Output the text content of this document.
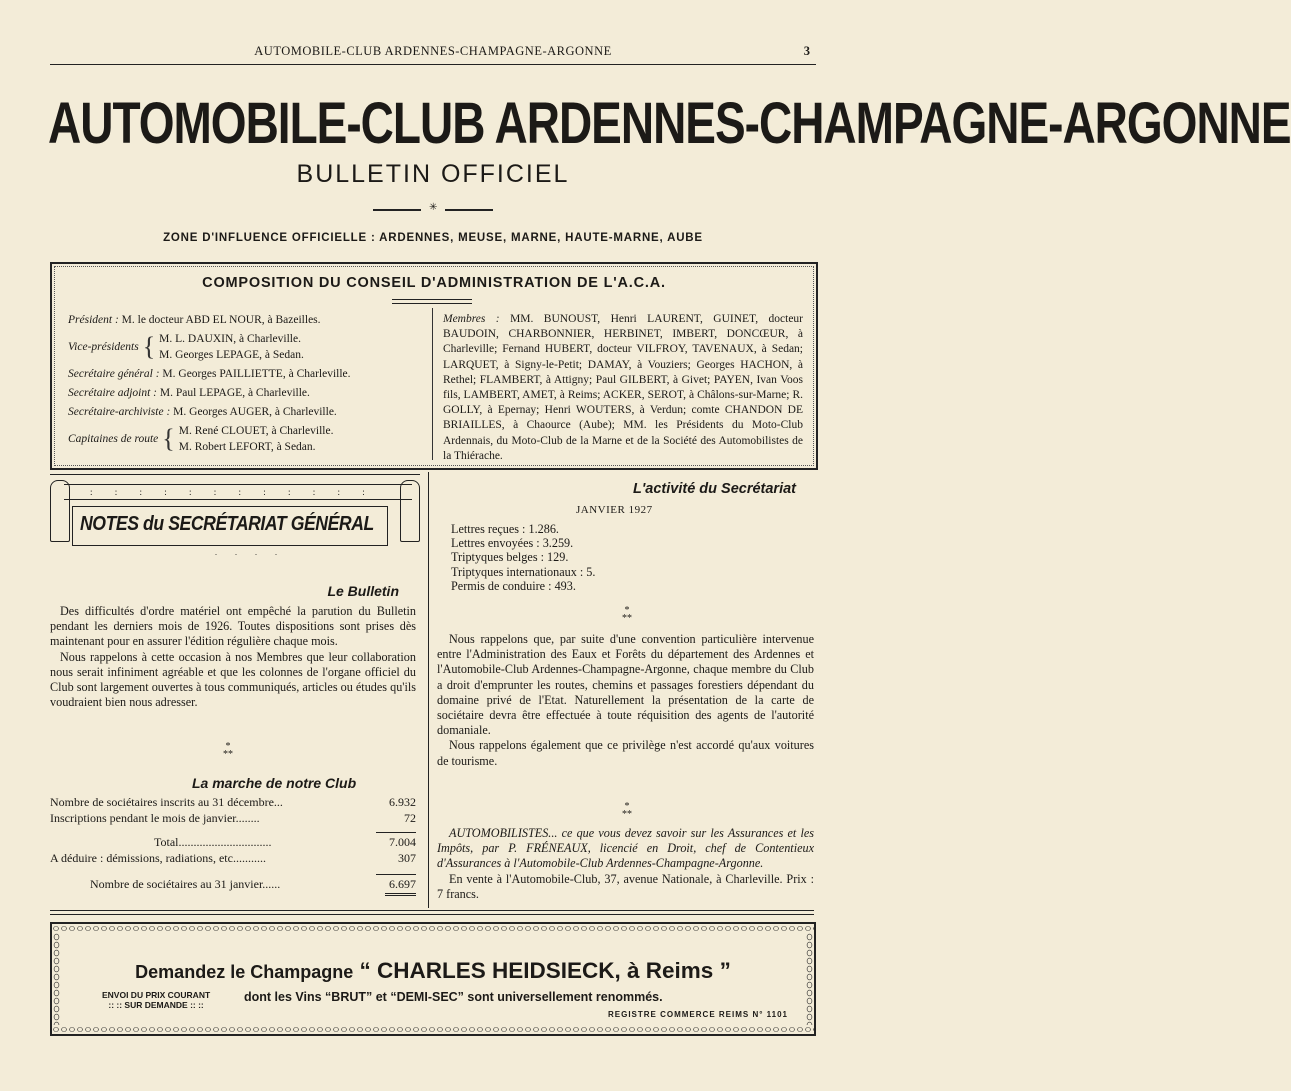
AUTOMOBILE-CLUB ARDENNES-CHAMPAGNE-ARGONNE	3
AUTOMOBILE-CLUB ARDENNES-CHAMPAGNE-ARGONNE
BULLETIN OFFICIEL
✳
ZONE D'INFLUENCE OFFICIELLE : ARDENNES, MEUSE, MARNE, HAUTE-MARNE, AUBE
COMPOSITION DU CONSEIL D'ADMINISTRATION DE L'A.C.A.
Président : M. le docteur ABD EL NOUR, à Bazeilles.
Vice-présidents { M. L. DAUXIN, à Charleville.
M. Georges LEPAGE, à Sedan.
Secrétaire général : M. Georges PAILLIETTE, à Charleville.
Secrétaire adjoint : M. Paul LEPAGE, à Charleville.
Secrétaire-archiviste : M. Georges AUGER, à Charleville.
Capitaines de route { M. René CLOUET, à Charleville.
M. Robert LEFORT, à Sedan.
Membres : MM. BUNOUST, Henri LAURENT, GUINET, docteur BAUDOIN, CHARBONNIER, HERBINET, IMBERT, DONCŒUR, à Charleville; Fernand HUBERT, docteur VILFROY, TAVENAUX, à Sedan; LARQUET, à Signy-le-Petit; DAMAY, à Vouziers; Georges HACHON, à Rethel; FLAMBERT, à Attigny; Paul GILBERT, à Givet; PAYEN, Ivan Voos fils, LAMBERT, AMET, à Reims; ACKER, SEROT, à Châlons-sur-Marne; R. GOLLY, à Epernay; Henri WOUTERS, à Verdun; comte CHANDON DE BRIAILLES, à Chaource (Aube); MM. les Présidents du Moto-Club Ardennais, du Moto-Club de la Marne et de la Société des Automobilistes de la Thiérache.
: : : : : : : : : : : :
NOTES du SECRÉTARIAT GÉNÉRAL
. . . .
Le Bulletin

Des difficultés d'ordre matériel ont empêché la parution du Bulletin pendant les derniers mois de 1926. Toutes dispositions sont prises dès maintenant pour en assurer l'édition régulière chaque mois.

Nous rappelons à cette occasion à nos Membres que leur collaboration nous serait infiniment agréable et que les colonnes de l'organe officiel du Club sont largement ouvertes à tous communiqués, articles ou études qu'ils voudraient bien nous adresser.

*
**
La marche de notre Club
Nombre de sociétaires inscrits au 31 décembre...	6.932
Inscriptions pendant le mois de janvier........	72
Total...............................	7.004
A déduire : démissions, radiations, etc...........	307
Nombre de sociétaires au 31 janvier......	6.697
L'activité du Secrétariat
JANVIER 1927
Lettres reçues : 1.286.
Lettres envoyées : 3.259.
Triptyques belges : 129.
Triptyques internationaux : 5.
Permis de conduire : 493.
*
**

Nous rappelons que, par suite d'une convention particulière intervenue entre l'Administration des Eaux et Forêts du département des Ardennes et l'Automobile-Club Ardennes-Champagne-Argonne, chaque membre du Club a droit d'emprunter les routes, chemins et passages forestiers dépendant du domaine privé de l'Etat. Naturellement la présentation de la carte de sociétaire devra être effectuée à toute réquisition des agents de l'autorité domaniale.

Nous rappelons également que ce privilège n'est accordé qu'aux voitures de tourisme.

*
**

AUTOMOBILISTES... ce que vous devez savoir sur les Assurances et les Impôts, par P. FRÉNEAUX, licencié en Droit, chef de Contentieux d'Assurances à l'Automobile-Club Ardennes-Champagne-Argonne.

En vente à l'Automobile-Club, 37, avenue Nationale, à Charleville. Prix : 7 francs.

Demandez le Champagne “ CHARLES HEIDSIECK, à Reims ”
ENVOI DU PRIX COURANT
:: :: SUR DEMANDE :: ::
dont les Vins “BRUT” et “DEMI-SEC” sont universellement renommés.
REGISTRE COMMERCE REIMS N° 1101
